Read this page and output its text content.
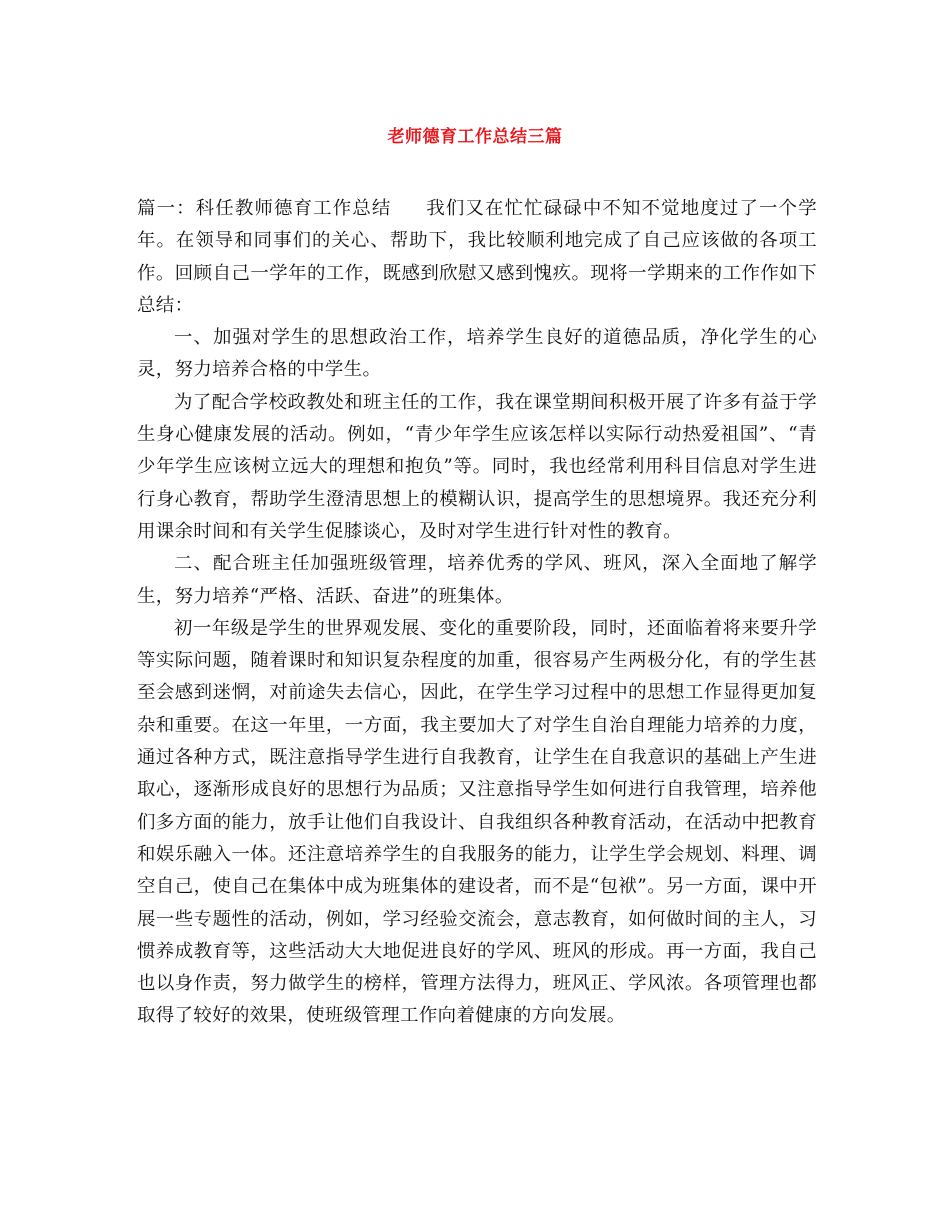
老师德育工作总结三篇

篇一：科任教师德育工作总结 我们又在忙忙碌碌中不知不觉地度过了一个学年。在领导和同事们的关心、帮助下，我比较顺利地完成了自己应该做的各项工作。回顾自己一学年的工作，既感到欣慰又感到愧疚。现将一学期来的工作作如下总结：

一、加强对学生的思想政治工作，培养学生良好的道德品质，净化学生的心灵，努力培养合格的中学生。

为了配合学校政教处和班主任的工作，我在课堂期间积极开展了许多有益于学生身心健康发展的活动。例如，“青少年学生应该怎样以实际行动热爱祖国”、“青少年学生应该树立远大的理想和抱负”等。同时，我也经常利用科目信息对学生进行身心教育，帮助学生澄清思想上的模糊认识，提高学生的思想境界。我还充分利用课余时间和有关学生促膝谈心，及时对学生进行针对性的教育。

二、配合班主任加强班级管理，培养优秀的学风、班风，深入全面地了解学生，努力培养“严格、活跃、奋进”的班集体。

初一年级是学生的世界观发展、变化的重要阶段，同时，还面临着将来要升学等实际问题，随着课时和知识复杂程度的加重，很容易产生两极分化，有的学生甚至会感到迷惘，对前途失去信心，因此，在学生学习过程中的思想工作显得更加复杂和重要。在这一年里，一方面，我主要加大了对学生自治自理能力培养的力度，通过各种方式，既注意指导学生进行自我教育，让学生在自我意识的基础上产生进取心，逐渐形成良好的思想行为品质；又注意指导学生如何进行自我管理，培养他们多方面的能力，放手让他们自我设计、自我组织各种教育活动，在活动中把教育和娱乐融入一体。还注意培养学生的自我服务的能力，让学生学会规划、料理、调空自己，使自己在集体中成为班集体的建设者，而不是“包袱”。另一方面，课中开展一些专题性的活动，例如，学习经验交流会，意志教育，如何做时间的主人，习惯养成教育等，这些活动大大地促进良好的学风、班风的形成。再一方面，我自己也以身作责，努力做学生的榜样，管理方法得力，班风正、学风浓。各项管理也都取得了较好的效果，使班级管理工作向着健康的方向发展。
